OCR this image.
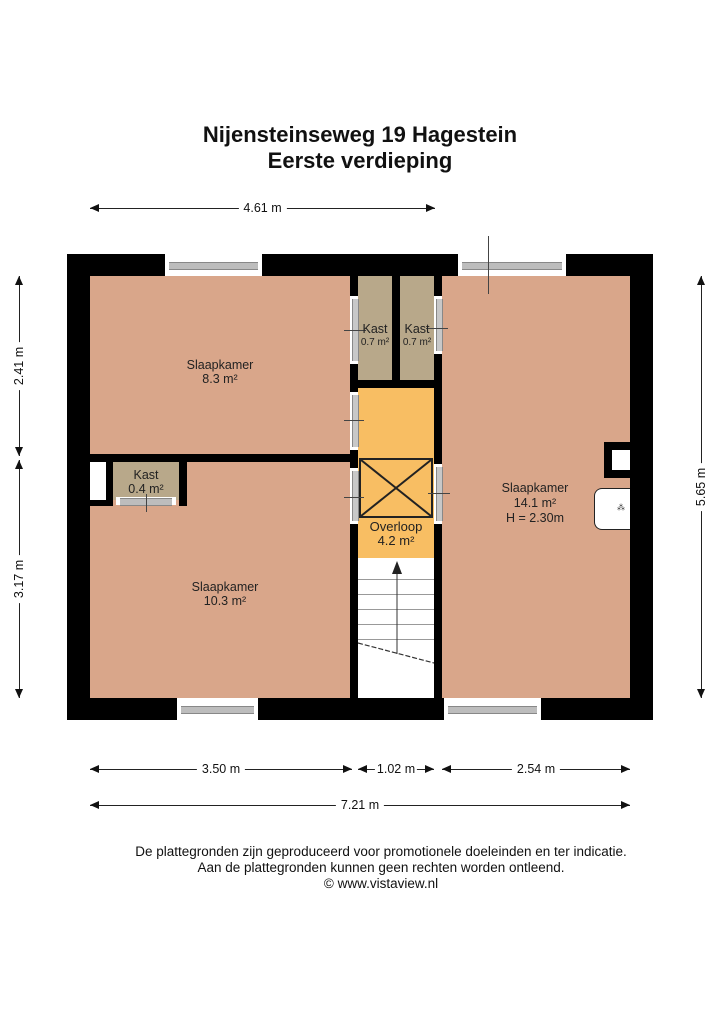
Nijensteinseweg 19 Hagestein
Eerste verdieping
4.61 m
2.41 m
3.17 m
5.65 m
⁂
Slaapkamer
8.3 m²
Slaapkamer
10.3 m²
Slaapkamer
14.1 m²
H = 2.30m
Kast
0.7 m²
Kast
0.7 m²
Kast
0.4 m²
Overloop
4.2 m²
3.50 m	1.02 m	2.54 m
7.21 m
De plattegronden zijn geproduceerd voor promotionele doeleinden en ter indicatie.
Aan de plattegronden kunnen geen rechten worden ontleend.
© www.vistaview.nl
